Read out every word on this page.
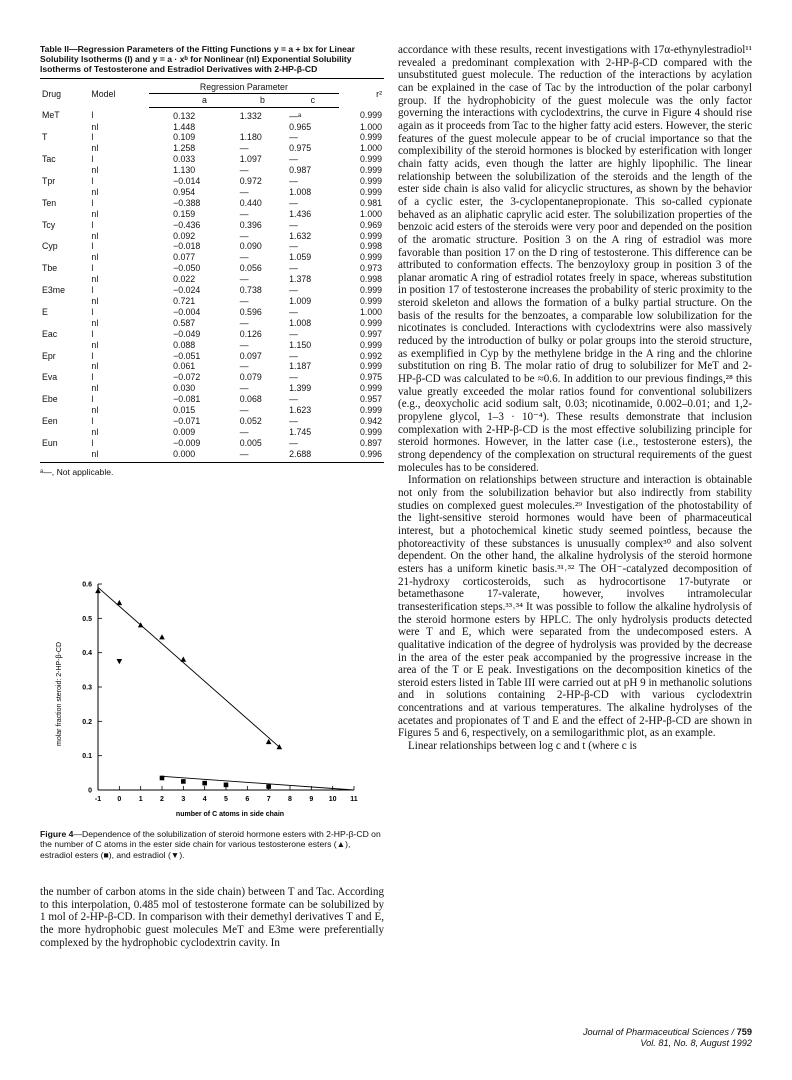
Table II—Regression Parameters of the Fitting Functions y = a + bx for Linear Solubility Isotherms (l) and y = a · xᵇ for Nonlinear (nl) Exponential Solubility Isotherms of Testosterone and Estradiol Derivatives with 2-HP-β-CD
Drug	Model	Regression Parameter			r²
		a	b	c	
MeT	l	0.132	1.332	—ᵃ	0.999
	nl	1.448		0.965	1.000
T	l	0.109	1.180	—	0.999
	nl	1.258	—	0.975	1.000
Tac	l	0.033	1.097	—	0.999
	nl	1.130	—	0.987	0.999
Tpr	l	−0.014	0.972	—	0.999
	nl	0.954	—	1.008	0.999
Ten	l	−0.388	0.440	—	0.981
	nl	0.159	—	1.436	1.000
Tcy	l	−0.436	0.396	—	0.969
	nl	0.092	—	1.632	0.999
Cyp	l	−0.018	0.090	—	0.998
	nl	0.077	—	1.059	0.999
Tbe	l	−0.050	0.056	—	0.973
	nl	0.022	—	1.378	0.998
E3me	l	−0.024	0.738	—	0.999
	nl	0.721	—	1.009	0.999
E	l	−0.004	0.596	—	1.000
	nl	0.587	—	1.008	0.999
Eac	l	−0.049	0.126	—	0.997
	nl	0.088	—	1.150	0.999
Epr	l	−0.051	0.097	—	0.992
	nl	0.061	—	1.187	0.999
Eva	l	−0.072	0.079	—	0.975
	nl	0.030	—	1.399	0.999
Ebe	l	−0.081	0.068	—	0.957
	nl	0.015	—	1.623	0.999
Een	l	−0.071	0.052	—	0.942
	nl	0.009	—	1.745	0.999
Eun	l	−0.009	0.005	—	0.897
	nl	0.000	—	2.688	0.996
ᵃ—, Not applicable.
-1 0 1 2 3 4 5 6 7 8 9 10 11
0
0.1
0.2
0.3
0.4
0.5
0.6
number of C atoms in side chain
molar fraction steroid: 2-HP-β-CD
Figure 4—Dependence of the solubilization of steroid hormone esters with 2-HP-β-CD on the number of C atoms in the ester side chain for various testosterone esters (▲), estradiol esters (■), and estradiol (▼).

the number of carbon atoms in the side chain) between T and Tac. According to this interpolation, 0.485 mol of testosterone formate can be solubilized by 1 mol of 2-HP-β-CD. In comparison with their demethyl derivatives T and E, the more hydrophobic guest molecules MeT and E3me were preferentially complexed by the hydrophobic cyclodextrin cavity. In

accordance with these results, recent investigations with 17α-ethynylestradiol¹¹ revealed a predominant complexation with 2-HP-β-CD compared with the unsubstituted guest molecule. The reduction of the interactions by acylation can be explained in the case of Tac by the introduction of the polar carbonyl group. If the hydrophobicity of the guest molecule was the only factor governing the interactions with cyclodextrins, the curve in Figure 4 should rise again as it proceeds from Tac to the higher fatty acid esters. However, the steric features of the guest molecule appear to be of crucial importance so that the complexibility of the steroid hormones is blocked by esterification with longer chain fatty acids, even though the latter are highly lipophilic. The linear relationship between the solubilization of the steroids and the length of the ester side chain is also valid for alicyclic structures, as shown by the behavior of a cyclic ester, the 3-cyclopentanepropionate. This so-called cypionate behaved as an aliphatic caprylic acid ester. The solubilization properties of the benzoic acid esters of the steroids were very poor and depended on the position of the aromatic structure. Position 3 on the A ring of estradiol was more favorable than position 17 on the D ring of testosterone. This difference can be attributed to conformation effects. The benzoyloxy group in position 3 of the planar aromatic A ring of estradiol rotates freely in space, whereas substitution in position 17 of testosterone increases the probability of steric proximity to the steroid skeleton and allows the formation of a bulky partial structure. On the basis of the results for the benzoates, a comparable low solubilization for the nicotinates is concluded. Interactions with cyclodextrins were also massively reduced by the introduction of bulky or polar groups into the steroid structure, as exemplified in Cyp by the methylene bridge in the A ring and the chlorine substitution on ring B. The molar ratio of drug to solubilizer for MeT and 2-HP-β-CD was calculated to be ≈0.6. In addition to our previous findings,²⁸ this value greatly exceeded the molar ratios found for conventional solubilizers (e.g., deoxycholic acid sodium salt, 0.03; nicotinamide, 0.002–0.01; and 1,2-propylene glycol, 1–3 · 10⁻⁴). These results demonstrate that inclusion complexation with 2-HP-β-CD is the most effective solubilizing principle for steroid hormones. However, in the latter case (i.e., testosterone esters), the strong dependency of the complexation on structural requirements of the guest molecules has to be considered.

Information on relationships between structure and interaction is obtainable not only from the solubilization behavior but also indirectly from stability studies on complexed guest molecules.²⁹ Investigation of the photostability of the light-sensitive steroid hormones would have been of pharmaceutical interest, but a photochemical kinetic study seemed pointless, because the photoreactivity of these substances is unusually complex³⁰ and also solvent dependent. On the other hand, the alkaline hydrolysis of the steroid hormone esters has a uniform kinetic basis.³¹˒³² The OH⁻-catalyzed decomposition of 21-hydroxy corticosteroids, such as hydrocortisone 17-butyrate or betamethasone 17-valerate, however, involves intramolecular transesterification steps.³³˒³⁴ It was possible to follow the alkaline hydrolysis of the steroid hormone esters by HPLC. The only hydrolysis products detected were T and E, which were separated from the undecomposed esters. A qualitative indication of the degree of hydrolysis was provided by the decrease in the area of the ester peak accompanied by the progressive increase in the area of the T or E peak. Investigations on the decomposition kinetics of the steroid esters listed in Table III were carried out at pH 9 in methanolic solutions and in solutions containing 2-HP-β-CD with various cyclodextrin concentrations and at various temperatures. The alkaline hydrolyses of the acetates and propionates of T and E and the effect of 2-HP-β-CD are shown in Figures 5 and 6, respectively, on a semilogarithmic plot, as an example.

Linear relationships between log c and t (where c is

Journal of Pharmaceutical Sciences / 759
Vol. 81, No. 8, August 1992
